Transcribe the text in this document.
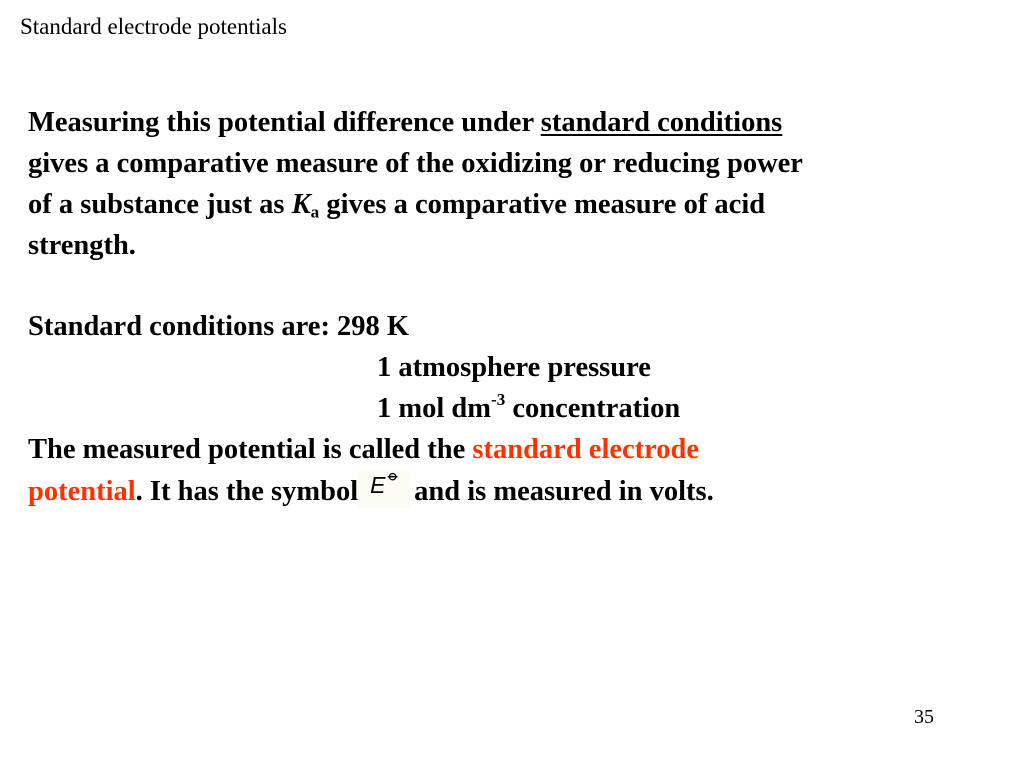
Standard electrode potentials
Measuring this potential difference under standard conditions
gives a comparative measure of the oxidizing or reducing power
of a substance just as $K_a$ gives a comparative measure of acid
strength.
Standard conditions are: 298 K
1 atmosphere pressure
1 mol $dm^{-3}$ concentration
The measured potential is called the standard electrode
potential. It has the symbol E ⦵
and is measured in volts.
35
